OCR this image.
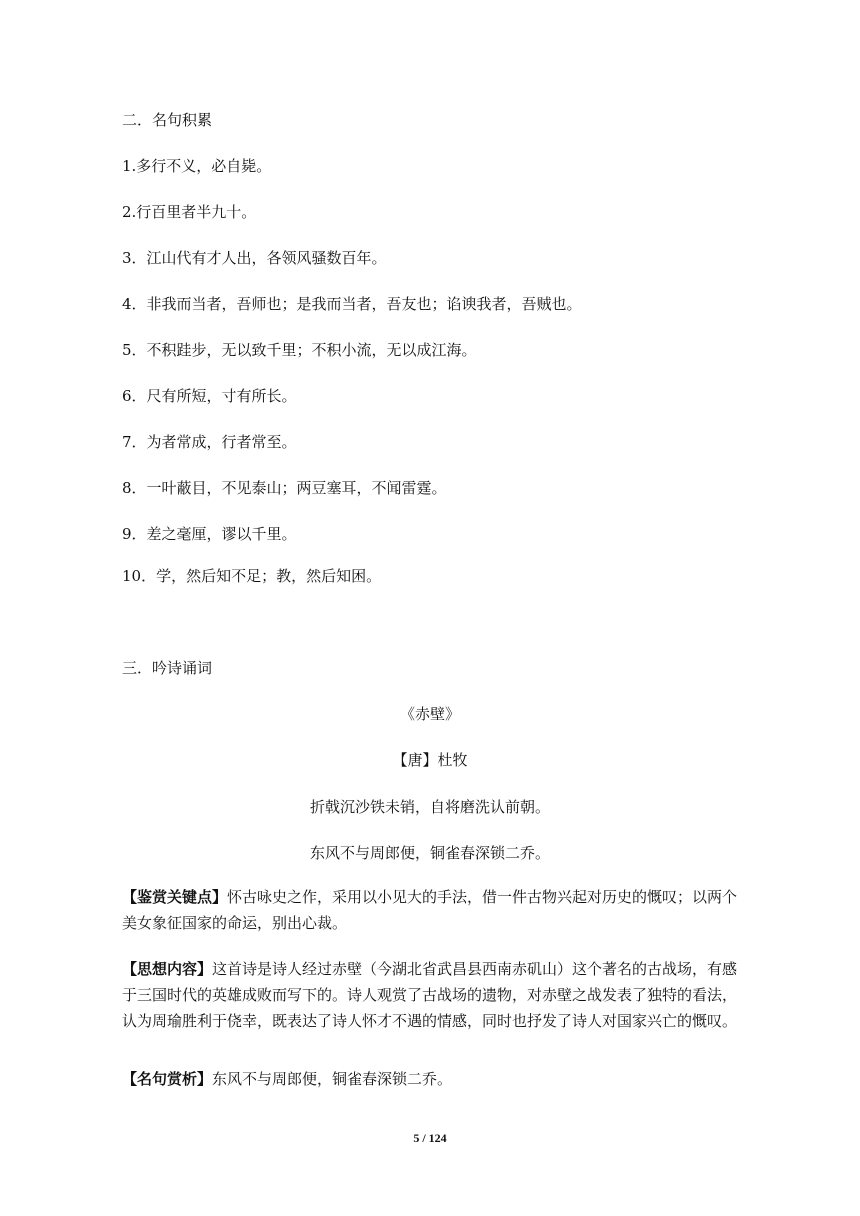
二．名句积累
1.多行不义，必自毙。
2.行百里者半九十。
3．江山代有才人出，各领风骚数百年。
4．非我而当者，吾师也；是我而当者，吾友也；谄谀我者，吾贼也。
5．不积跬步，无以致千里；不积小流，无以成江海。
6．尺有所短，寸有所长。
7．为者常成，行者常至。
8．一叶蔽目，不见泰山；两豆塞耳，不闻雷霆。
9．差之毫厘，谬以千里。
10．学，然后知不足；教，然后知困。
三．吟诗诵词
《赤壁》
【唐】杜牧
折戟沉沙铁未销，自将磨洗认前朝。
东风不与周郎便，铜雀春深锁二乔。
【鉴赏关键点】怀古咏史之作，采用以小见大的手法，借一件古物兴起对历史的慨叹；以两个美女象征国家的命运，别出心裁。
【思想内容】这首诗是诗人经过赤壁（今湖北省武昌县西南赤矶山）这个著名的古战场，有感于三国时代的英雄成败而写下的。诗人观赏了古战场的遗物，对赤壁之战发表了独特的看法，认为周瑜胜利于侥幸，既表达了诗人怀才不遇的情感，同时也抒发了诗人对国家兴亡的慨叹。
【名句赏析】东风不与周郎便，铜雀春深锁二乔。
5 / 124
